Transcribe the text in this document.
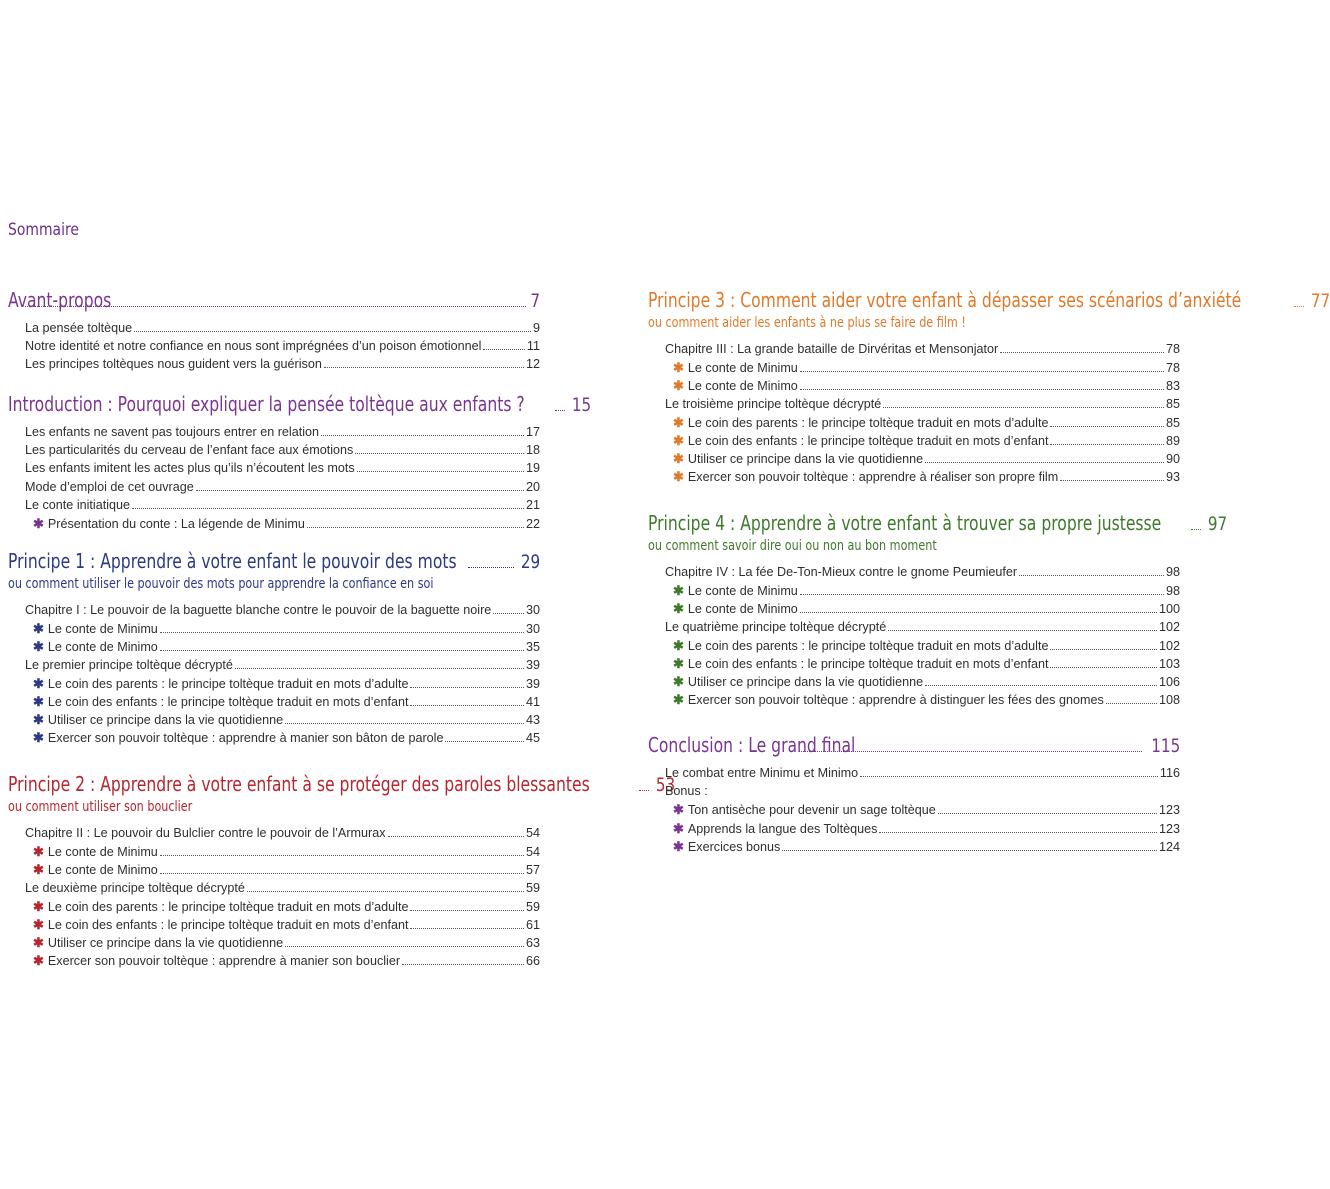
Sommaire
Avant-propos	7
La pensée toltèque	9
Notre identité et notre confiance en nous sont imprégnées d’un poison émotionnel	11
Les principes toltèques nous guident vers la guérison	12
Introduction : Pourquoi expliquer la pensée toltèque aux enfants ?	15
Les enfants ne savent pas toujours entrer en relation	17
Les particularités du cerveau de l’enfant face aux émotions	18
Les enfants imitent les actes plus qu’ils n’écoutent les mots	19
Mode d’emploi de cet ouvrage	20
Le conte initiatique	21
✱ Présentation du conte : La légende de Minimu	22
Principe 1 : Apprendre à votre enfant le pouvoir des mots	29
ou comment utiliser le pouvoir des mots pour apprendre la confiance en soi
Chapitre I : Le pouvoir de la baguette blanche contre le pouvoir de la baguette noire	30
✱ Le conte de Minimu	30
✱ Le conte de Minimo	35
Le premier principe toltèque décrypté	39
✱ Le coin des parents : le principe toltèque traduit en mots d’adulte	39
✱ Le coin des enfants : le principe toltèque traduit en mots d’enfant	41
✱ Utiliser ce principe dans la vie quotidienne	43
✱ Exercer son pouvoir toltèque : apprendre à manier son bâton de parole	45
Principe 2 : Apprendre à votre enfant à se protéger des paroles blessantes	53
ou comment utiliser son bouclier
Chapitre II : Le pouvoir du Bulclier contre le pouvoir de l’Armurax	54
✱ Le conte de Minimu	54
✱ Le conte de Minimo	57
Le deuxième principe toltèque décrypté	59
✱ Le coin des parents : le principe toltèque traduit en mots d’adulte	59
✱ Le coin des enfants : le principe toltèque traduit en mots d’enfant	61
✱ Utiliser ce principe dans la vie quotidienne	63
✱ Exercer son pouvoir toltèque : apprendre à manier son bouclier	66
Principe 3 : Comment aider votre enfant à dépasser ses scénarios d’anxiété	77
ou comment aider les enfants à ne plus se faire de film !
Chapitre III : La grande bataille de Dirvéritas et Mensonjator	78
✱ Le conte de Minimu	78
✱ Le conte de Minimo	83
Le troisième principe toltèque décrypté	85
✱ Le coin des parents : le principe toltèque traduit en mots d’adulte	85
✱ Le coin des enfants : le principe toltèque traduit en mots d’enfant	89
✱ Utiliser ce principe dans la vie quotidienne	90
✱ Exercer son pouvoir toltèque : apprendre à réaliser son propre film	93
Principe 4 : Apprendre à votre enfant à trouver sa propre justesse 97
ou comment savoir dire oui ou non au bon moment
Chapitre IV : La fée De-Ton-Mieux contre le gnome Peumieufer	98
✱ Le conte de Minimu	98
✱ Le conte de Minimo	100
Le quatrième principe toltèque décrypté	102
✱ Le coin des parents : le principe toltèque traduit en mots d’adulte	102
✱ Le coin des enfants : le principe toltèque traduit en mots d’enfant	103
✱ Utiliser ce principe dans la vie quotidienne	106
✱ Exercer son pouvoir toltèque : apprendre à distinguer les fées des gnomes	108
Conclusion : Le grand final	115
Le combat entre Minimu et Minimo	116
Bonus :
✱ Ton antisèche pour devenir un sage toltèque	123
✱ Apprends la langue des Toltèques	123
✱ Exercices bonus	124
